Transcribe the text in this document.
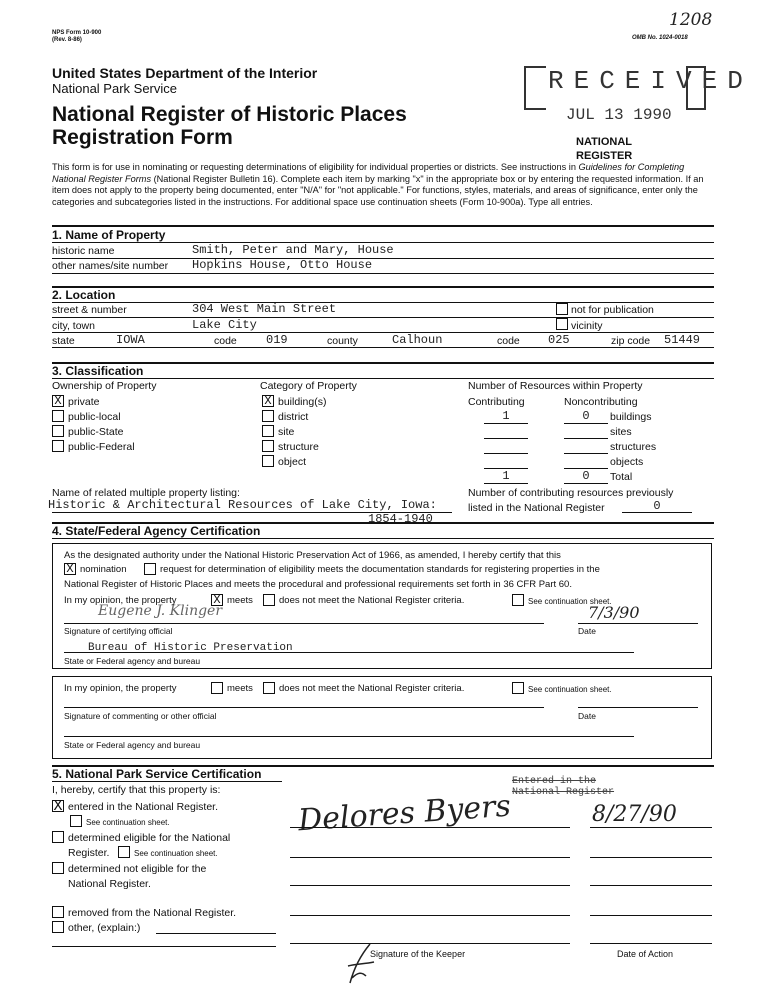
1208
NPS Form 10-900
(Rev. 8-86)	OMB No. 1024-0018
United States Department of the Interior
National Park Service
National Register of Historic Places
Registration Form
RECEIVED
JUL 13 1990
NATIONAL
REGISTER
This form is for use in nominating or requesting determinations of eligibility for individual properties or districts. See instructions in Guidelines for Completing National Register Forms (National Register Bulletin 16). Complete each item by marking "x" in the appropriate box or by entering the requested information. If an item does not apply to the property being documented, enter "N/A" for "not applicable." For functions, styles, materials, and areas of significance, enter only the categories and subcategories listed in the instructions. For additional space use continuation sheets (Form 10-900a). Type all entries.
1. Name of Property
historic name	Smith, Peter and Mary, House
other names/site number Hopkins House, Otto House
2. Location
street & number	304 West Main Street	not for publication
city, town	Lake City	vicinity
state	IOWA	code 019	county	Calhoun	code 025	zip code 51449
3. Classification
Ownership of Property
X private
public-local
public-State
public-Federal
Category of Property
X building(s)
district
site
structure
object
Number of Resources within Property
Contributing	Noncontributing
1	0	buildings
sites
structures
objects
1	0	Total
Name of related multiple property listing:
Historic & Architectural Resources of Lake City, Iowa:
1854-1940
Number of contributing resources previously
listed in the National Register	0
4. State/Federal Agency Certification
As the designated authority under the National Historic Preservation Act of 1966, as amended, I hereby certify that this
X nomination	request for determination of eligibility meets the documentation standards for registering properties in the
National Register of Historic Places and meets the procedural and professional requirements set forth in 36 CFR Part 60.
In my opinion, the property	X meets	does not meet the National Register criteria.	See continuation sheet.
Eugene J. Klinger	7/3/90
Signature of certifying official	Date
Bureau of Historic Preservation
State or Federal agency and bureau
In my opinion, the property	meets	does not meet the National Register criteria.	See continuation sheet.
Signature of commenting or other official	Date
State or Federal agency and bureau
5. National Park Service Certification
I, hereby, certify that this property is:
X entered in the National Register.
See continuation sheet.
determined eligible for the National
Register.	See continuation sheet.
determined not eligible for the
National Register.
removed from the National Register.
other, (explain:)
Entered in the
National Register
Delores Byers	8/27/90
Signature of the Keeper	Date of Action
